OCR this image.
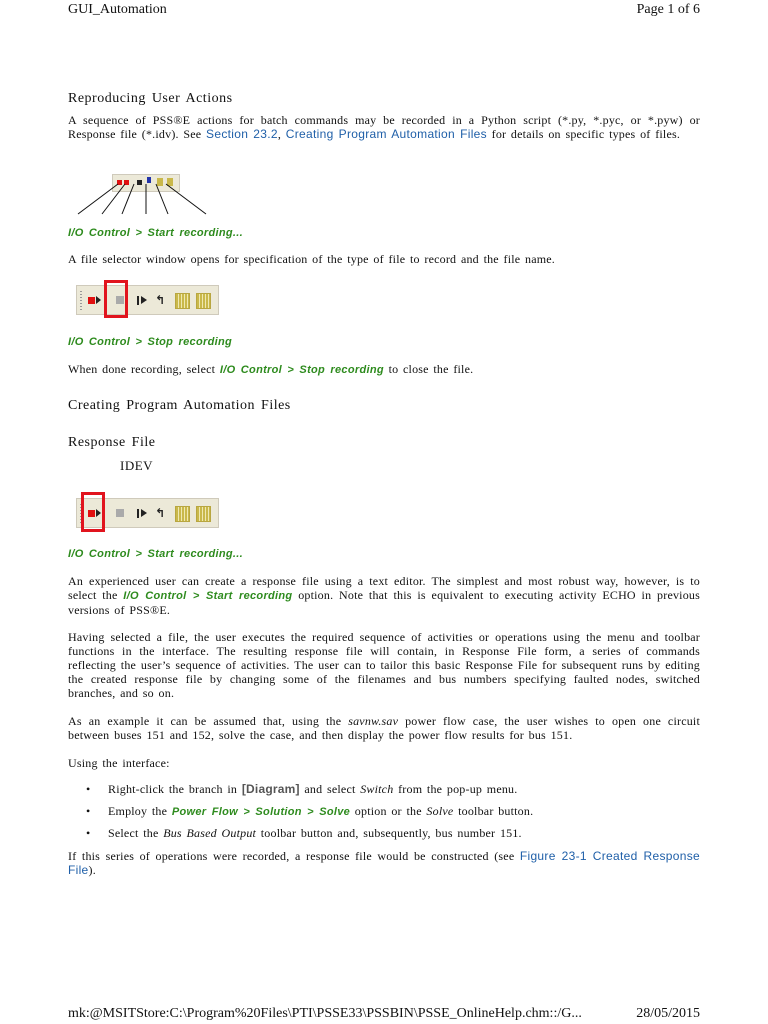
GUI_Automation	Page 1 of 6
Reproducing User Actions
A sequence of PSS®E actions for batch commands may be recorded in a Python script (*.py, *.pyc, or *.pyw) or Response file (*.idv). See Section 23.2, Creating Program Automation Files for details on specific types of files.
I/O Control > Start recording...
A file selector window opens for specification of the type of file to record and the file name.
↰
I/O Control > Stop recording
When done recording, select I/O Control > Stop recording to close the file.
Creating Program Automation Files
Response File
IDEV
↰
I/O Control > Start recording...
An experienced user can create a response file using a text editor. The simplest and most robust way, however, is to select the I/O Control > Start recording option. Note that this is equivalent to executing activity ECHO in previous versions of PSS®E.
Having selected a file, the user executes the required sequence of activities or operations using the menu and toolbar functions in the interface. The resulting response file will contain, in Response File form, a series of commands reflecting the user’s sequence of activities. The user can to tailor this basic Response File for subsequent runs by editing the created response file by changing some of the filenames and bus numbers specifying faulted nodes, switched branches, and so on.
As an example it can be assumed that, using the savnw.sav power flow case, the user wishes to open one circuit between buses 151 and 152, solve the case, and then display the power flow results for bus 151.
Using the interface:
• Right-click the branch in [Diagram] and select Switch from the pop-up menu.
• Employ the Power Flow > Solution > Solve option or the Solve toolbar button.
• Select the Bus Based Output toolbar button and, subsequently, bus number 151.
If this series of operations were recorded, a response file would be constructed (see Figure 23-1 Created Response File).
mk:@MSITStore:C:\Program%20Files\PTI\PSSE33\PSSBIN\PSSE_OnlineHelp.chm::/G...	28/05/2015
